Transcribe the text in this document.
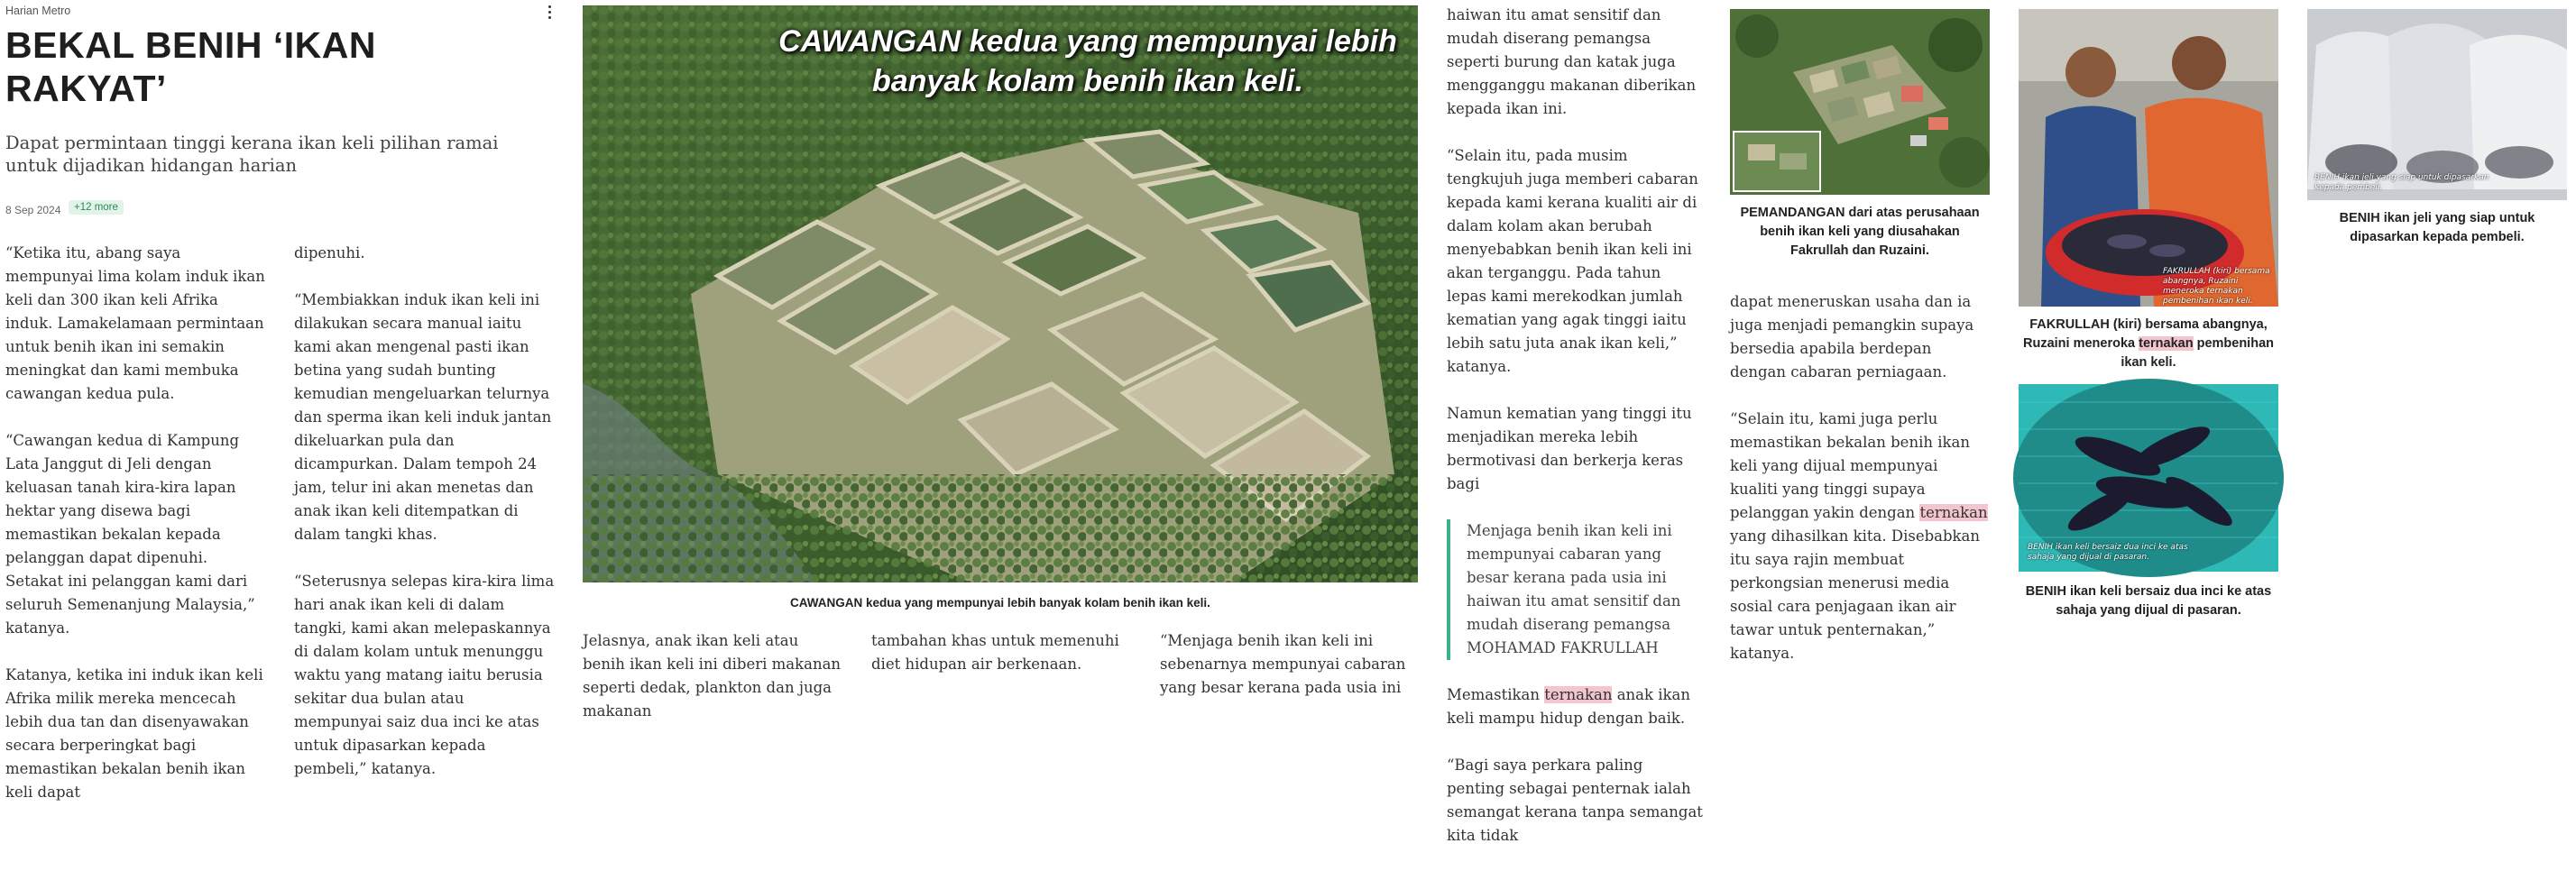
Harian Metro
BEKAL BENIH ‘IKAN RAKYAT’
Dapat permintaan tinggi kerana ikan keli pilihan ramai untuk dijadikan hidangan harian
8 Sep 2024	+12 more

“Ketika itu, abang saya mempunyai lima kolam induk ikan keli dan 300 ikan keli Afrika induk. Lamakelamaan permintaan untuk benih ikan ini semakin meningkat dan kami membuka cawangan kedua pula.

“Cawangan kedua di Kampung Lata Janggut di Jeli dengan keluasan tanah kira-kira lapan hektar yang disewa bagi memastikan bekalan kepada pelanggan dapat dipenuhi. Setakat ini pelanggan kami dari seluruh Semenanjung Malaysia,” katanya.

Katanya, ketika ini induk ikan keli Afrika milik mereka mencecah lebih dua tan dan disenyawakan secara berperingkat bagi memastikan bekalan benih ikan keli dapat

dipenuhi.

“Membiakkan induk ikan keli ini dilakukan secara manual iaitu kami akan mengenal pasti ikan betina yang sudah bunting kemudian mengeluarkan telurnya dan sperma ikan keli induk jantan dikeluarkan pula dan dicampurkan. Dalam tempoh 24 jam, telur ini akan menetas dan anak ikan keli ditempatkan di dalam tangki khas.

“Seterusnya selepas kira-kira lima hari anak ikan keli di dalam tangki, kami akan melepaskannya di dalam kolam untuk menunggu waktu yang matang iaitu berusia sekitar dua bulan atau mempunyai saiz dua inci ke atas untuk dipasarkan kepada pembeli,” katanya.

CAWANGAN kedua yang mempunyai lebih
banyak kolam benih ikan keli.
CAWANGAN kedua yang mempunyai lebih banyak kolam benih ikan keli.

Jelasnya, anak ikan keli atau benih ikan keli ini diberi makanan seperti dedak, plankton dan juga makanan

tambahan khas untuk memenuhi diet hidupan air berkenaan.

“Menjaga benih ikan keli ini sebenarnya mempunyai cabaran yang besar kerana pada usia ini

haiwan itu amat sensitif dan mudah diserang pemangsa seperti burung dan katak juga mengganggu makanan diberikan kepada ikan ini.

“Selain itu, pada musim tengkujuh juga memberi cabaran kepada kami kerana kualiti air di dalam kolam akan berubah menyebabkan benih ikan keli ini akan terganggu. Pada tahun lepas kami merekodkan jumlah kematian yang agak tinggi iaitu lebih satu juta anak ikan keli,” katanya.

Namun kematian yang tinggi itu menjadikan mereka lebih bermotivasi dan berkerja keras bagi

Menjaga benih ikan keli ini mempunyai cabaran yang besar kerana pada usia ini haiwan itu amat sensitif dan mudah diserang pemangsa MOHAMAD FAKRULLAH

Memastikan ternakan anak ikan keli mampu hidup dengan baik.

“Bagi saya perkara paling penting sebagai penternak ialah semangat kerana tanpa semangat kita tidak

PEMANDANGAN dari atas perusahaan benih ikan keli yang diusahakan Fakrullah dan Ruzaini.

dapat meneruskan usaha dan ia juga menjadi pemangkin supaya bersedia apabila berdepan dengan cabaran perniagaan.

“Selain itu, kami juga perlu memastikan bekalan benih ikan keli yang dijual mempunyai kualiti yang tinggi supaya pelanggan yakin dengan ternakan yang dihasilkan kita. Disebabkan itu saya rajin membuat perkongsian menerusi media sosial cara penjagaan ikan air tawar untuk penternakan,” katanya.

FAKRULLAH (kiri) bersama abangnya, Ruzaini meneroka ternakan pembenihan ikan keli.
FAKRULLAH (kiri) bersama abangnya, Ruzaini meneroka ternakan pembenihan ikan keli.
BENIH ikan keli bersaiz dua inci ke atas sahaja yang dijual di pasaran.
BENIH ikan keli bersaiz dua inci ke atas sahaja yang dijual di pasaran.
BENIH ikan jeli yang siap untuk dipasarkan kepada pembeli.
BENIH ikan jeli yang siap untuk dipasarkan kepada pembeli.
